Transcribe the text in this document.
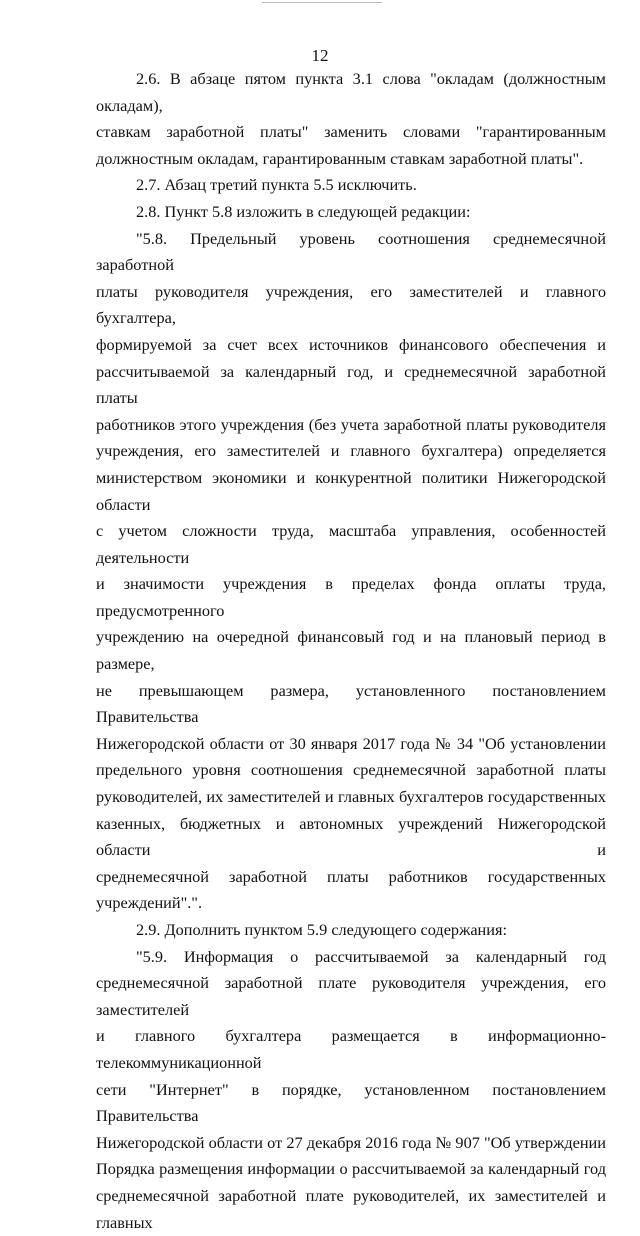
12
2.6. В абзаце пятом пункта 3.1 слова "окладам (должностным окладам),
ставкам заработной платы" заменить словами "гарантированным
должностным окладам, гарантированным ставкам заработной платы".
2.7. Абзац третий пункта 5.5 исключить.
2.8. Пункт 5.8 изложить в следующей редакции:
"5.8. Предельный уровень соотношения среднемесячной заработной
платы руководителя учреждения, его заместителей и главного бухгалтера,
формируемой за счет всех источников финансового обеспечения и
рассчитываемой за календарный год, и среднемесячной заработной платы
работников этого учреждения (без учета заработной платы руководителя
учреждения, его заместителей и главного бухгалтера) определяется
министерством экономики и конкурентной политики Нижегородской области
с учетом сложности труда, масштаба управления, особенностей деятельности
и значимости учреждения в пределах фонда оплаты труда, предусмотренного
учреждению на очередной финансовый год и на плановый период в размере,
не превышающем размера, установленного постановлением Правительства
Нижегородской области от 30 января 2017 года № 34 "Об установлении
предельного уровня соотношения среднемесячной заработной платы
руководителей, их заместителей и главных бухгалтеров государственных
казенных, бюджетных и автономных учреждений Нижегородской области и
среднемесячной заработной платы работников государственных
учреждений".".
2.9. Дополнить пунктом 5.9 следующего содержания:
"5.9. Информация о рассчитываемой за календарный год
среднемесячной заработной плате руководителя учреждения, его заместителей
и главного бухгалтера размещается в информационно-телекоммуникационной
сети "Интернет" в порядке, установленном постановлением Правительства
Нижегородской области от 27 декабря 2016 года № 907 "Об утверждении
Порядка размещения информации о рассчитываемой за календарный год
среднемесячной заработной плате руководителей, их заместителей и главных
